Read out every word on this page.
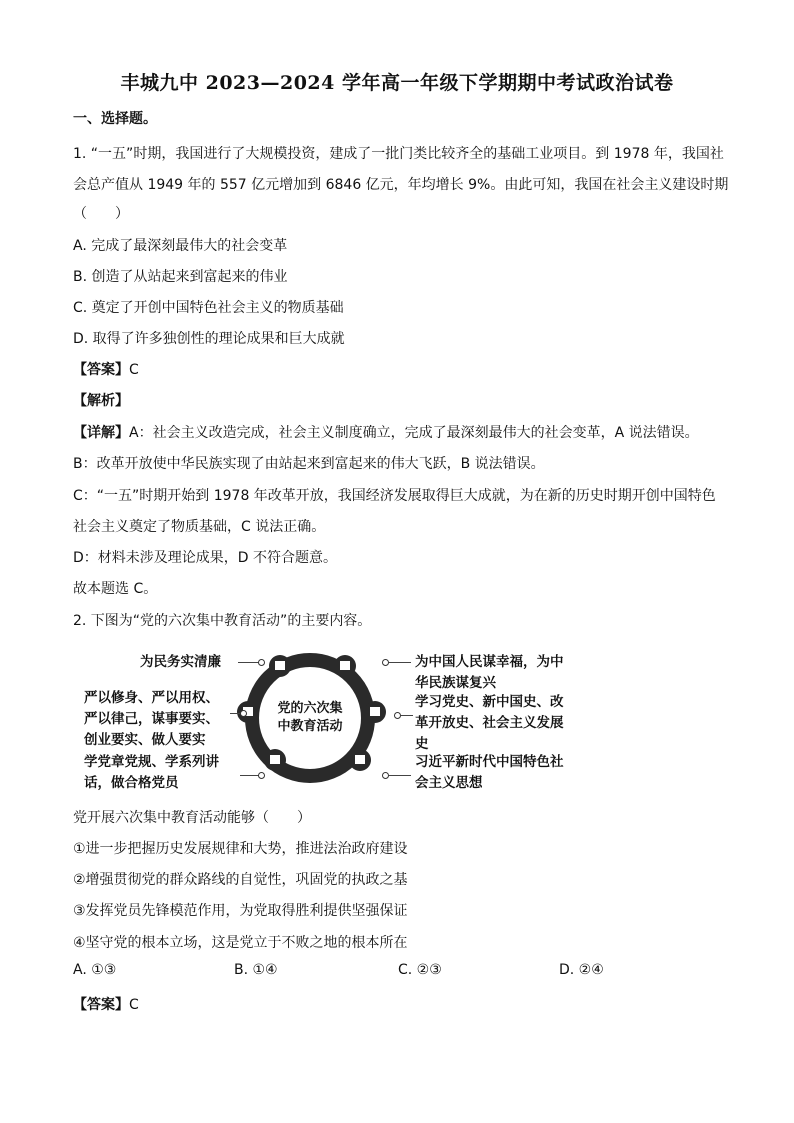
丰城九中 2023—2024 学年高一年级下学期期中考试政治试卷
一、选择题。
1. “一五”时期，我国进行了大规模投资，建成了一批门类比较齐全的基础工业项目。到 1978 年，我国社
会总产值从 1949 年的 557 亿元增加到 6846 亿元，年均增长 9%。由此可知，我国在社会主义建设时期
（　　）
A. 完成了最深刻最伟大的社会变革
B. 创造了从站起来到富起来的伟业
C. 奠定了开创中国特色社会主义的物质基础
D. 取得了许多独创性的理论成果和巨大成就
【答案】C
【解析】
【详解】A：社会主义改造完成，社会主义制度确立，完成了最深刻最伟大的社会变革，A 说法错误。
B：改革开放使中华民族实现了由站起来到富起来的伟大飞跃，B 说法错误。
C：“一五”时期开始到 1978 年改革开放，我国经济发展取得巨大成就，为在新的历史时期开创中国特色
社会主义奠定了物质基础，C 说法正确。
D：材料未涉及理论成果，D 不符合题意。
故本题选 C。
2. 下图为“党的六次集中教育活动”的主要内容。
党的六次集
中教育活动
为民务实清廉
严以修身、严以用权、
严以律己，谋事要实、
创业要实、做人要实
学党章党规、学系列讲
话，做合格党员
为中国人民谋幸福，为中
华民族谋复兴
学习党史、新中国史、改
革开放史、社会主义发展
史
习近平新时代中国特色社
会主义思想
党开展六次集中教育活动能够（　　）
①进一步把握历史发展规律和大势，推进法治政府建设
②增强贯彻党的群众路线的自觉性，巩固党的执政之基
③发挥党员先锋模范作用，为党取得胜利提供坚强保证
④坚守党的根本立场，这是党立于不败之地的根本所在
A. ①③	B. ①④	C. ②③	D. ②④
【答案】C
